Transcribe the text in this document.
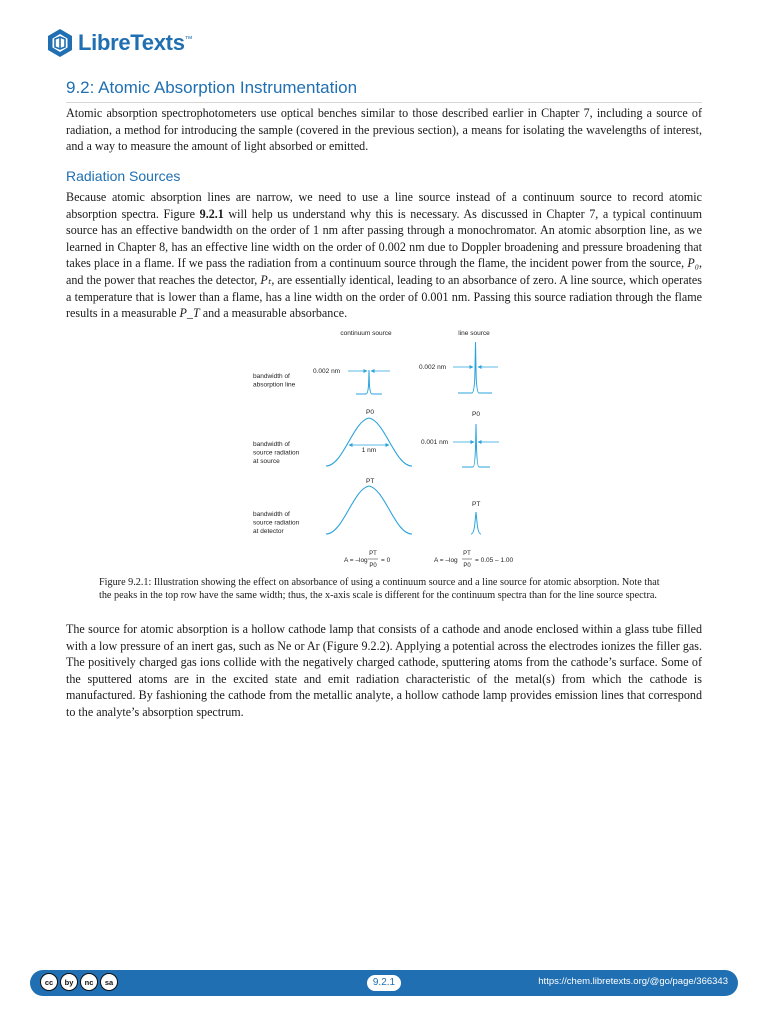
LibreTexts™
9.2: Atomic Absorption Instrumentation

Atomic absorption spectrophotometers use optical benches similar to those described earlier in Chapter 7, including a source of radiation, a method for introducing the sample (covered in the previous section), a means for isolating the wavelengths of interest, and a way to measure the amount of light absorbed or emitted.

Radiation Sources

Because atomic absorption lines are narrow, we need to use a line source instead of a continuum source to record atomic absorption spectra. Figure 9.2.1 will help us understand why this is necessary. As discussed in Chapter 7, a typical continuum source has an effective bandwidth on the order of 1 nm after passing through a monochromator. An atomic absorption line, as we learned in Chapter 8, has an effective line width on the order of 0.002 nm due to Doppler broadening and pressure broadening that takes place in a flame. If we pass the radiation from a continuum source through the flame, the incident power from the source, P₀, and the power that reaches the detector, Pₜ, are essentially identical, leading to an absorbance of zero. A line source, which operates a temperature that is lower than a flame, has a line width on the order of 0.001 nm. Passing this source radiation through the flame results in a measurable P_T and a measurable absorbance.

continuum source	line source
bandwidth of absorption line
bandwidth of source radiation at source
bandwidth of source radiation at detector
0.002 nm
0.002 nm
1 nm
P0
0.001 nm
P0
PT
PT
A = –log
PT
P0
= 0	A = –log
PT
P0
= 0.05 – 1.00

Figure 9.2.1: Illustration showing the effect on absorbance of using a continuum source and a line source for atomic absorption. Note that the peaks in the top row have the same width; thus, the x-axis scale is different for the continuum spectra than for the line source spectra.

The source for atomic absorption is a hollow cathode lamp that consists of a cathode and anode enclosed within a glass tube filled with a low pressure of an inert gas, such as Ne or Ar (Figure 9.2.2). Applying a potential across the electrodes ionizes the filler gas. The positively charged gas ions collide with the negatively charged cathode, sputtering atoms from the cathode’s surface. Some of the sputtered atoms are in the excited state and emit radiation characteristic of the metal(s) from which the cathode is manufactured. By fashioning the cathode from the metallic analyte, a hollow cathode lamp provides emission lines that correspond to the analyte’s absorption spectrum.

cc	by	nc	sa	9.2.1	https://chem.libretexts.org/@go/page/366343
